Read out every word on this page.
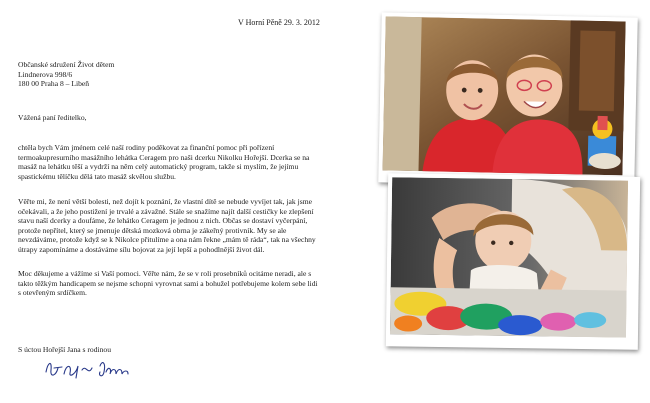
V Horní Pěně 29. 3. 2012
Občanské sdružení Život dětem
Lindnerova 998/6
180 00 Praha 8 – Libeň
Vážená paní ředitelko,
chtěla bych Vám jménem celé naší rodiny poděkovat za finanční pomoc při pořízení
termoakupresurního masážního lehátka Ceragem pro naši dcerku Nikolku Hořejší. Dcerka se na
masáž na lehátku těší a vydrží na něm celý automatický program, takže si myslím, že jejímu
spastickému tělíčku dělá tato masáž skvělou službu.
Věřte mi, že není větší bolesti, než dojít k poznání, že vlastní dítě se nebude vyvíjet tak, jak jsme
očekávali, a že jeho postižení je trvalé a závažné. Stále se snažíme najít další cestičky ke zlepšení
stavu naší dcerky a doufáme, že lehátko Ceragem je jednou z nich. Občas se dostaví vyčerpání,
protože nepřítel, který se jmenuje dětská mozková obrna je zákeřný protivník. My se ale
nevzdáváme, protože když se k Nikolce přitulíme a ona nám řekne „mám tě ráda“, tak na všechny
útrapy zapomínáme a dostáváme sílu bojovat za její lepší a pohodlnější život dál.
Moc děkujeme a vážíme si Vaší pomoci. Věřte nám, že se v roli prosebníků ocitáme neradi, ale s
takto těžkým handicapem se nejsme schopni vyrovnat sami a bohužel potřebujeme kolem sebe lidi
s otevřeným srdíčkem.
S úctou Hořejší Jana s rodinou
